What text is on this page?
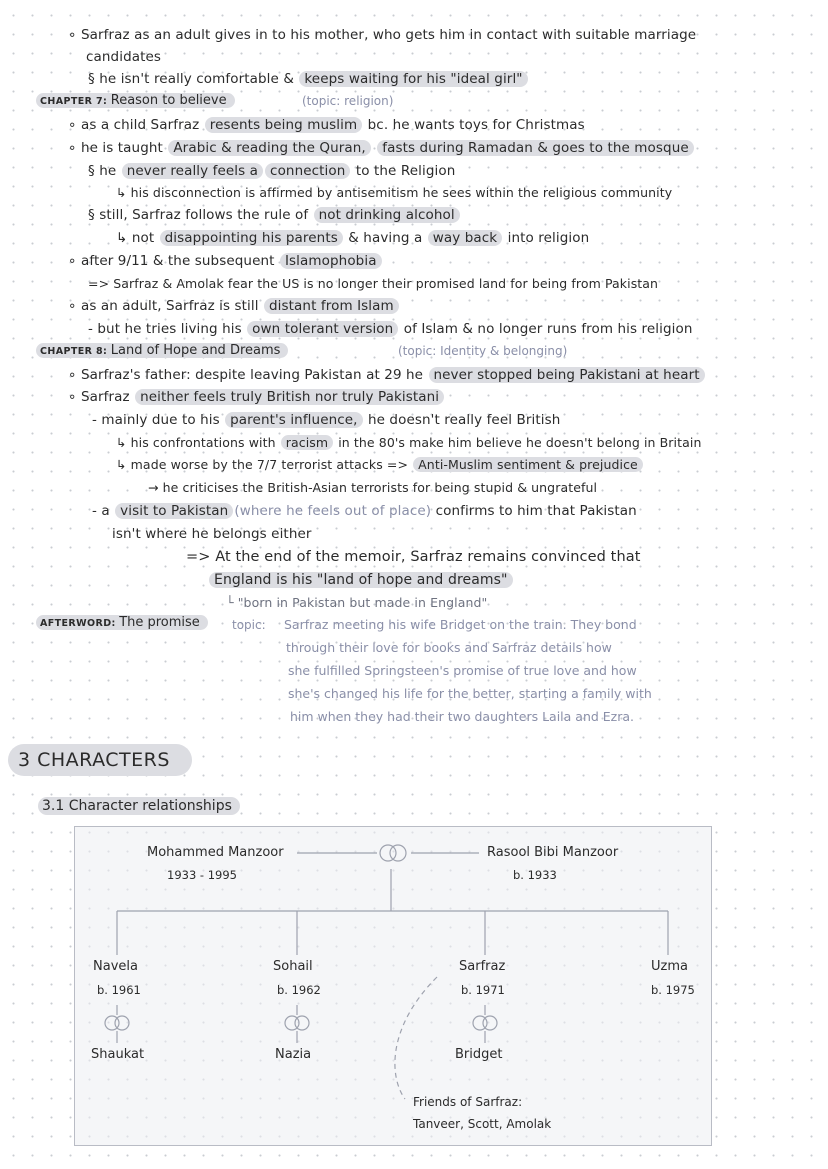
∘ Sarfraz as an adult gives in to his mother, who gets him in contact with suitable marriage
candidates
§ he isn't really comfortable & keeps waiting for his "ideal girl"
CHAPTER 7: Reason to believe	(topic: religion)
∘ as a child Sarfraz resents being muslim bc. he wants toys for Christmas
∘ he is taught Arabic & reading the Quran, fasts during Ramadan & goes to the mosque
§ he never really feels a connection to the Religion
↳ his disconnection is affirmed by antisemitism he sees within the religious community
§ still, Sarfraz follows the rule of not drinking alcohol
↳ not disappointing his parents & having a way back into religion
∘ after 9/11 & the subsequent Islamophobia
=> Sarfraz & Amolak fear the US is no longer their promised land for being from Pakistan
∘ as an adult, Sarfraz is still distant from Islam
- but he tries living his own tolerant version of Islam & no longer runs from his religion
CHAPTER 8: Land of Hope and Dreams	(topic: Identity & belonging)
∘ Sarfraz's father: despite leaving Pakistan at 29 he never stopped being Pakistani at heart
∘ Sarfraz neither feels truly British nor truly Pakistani
- mainly due to his parent's influence, he doesn't really feel British
↳ his confrontations with racism in the 80's make him believe he doesn't belong in Britain
↳ made worse by the 7/7 terrorist attacks => Anti-Muslim sentiment & prejudice
→ he criticises the British-Asian terrorists for being stupid & ungrateful
- a visit to Pakistan (where he feels out of place) confirms to him that Pakistan
isn't where he belongs either
=> At the end of the memoir, Sarfraz remains convinced that
England is his "land of hope and dreams"
└ "born in Pakistan but made in England"
AFTERWORD: The promise	topic: Sarfraz meeting his wife Bridget on the train. They bond
through their love for books and Sarfraz details how
she fulfilled Springsteen's promise of true love and how
she's changed his life for the better, starting a family with
him when they had their two daughters Laila and Ezra.
3 CHARACTERS
3.1 Character relationships
Mohammed Manzoor
1933 - 1995
Rasool Bibi Manzoor
b. 1933
Navela
b. 1961
Shaukat
Sohail
b. 1962
Nazia
Sarfraz
b. 1971
Bridget
Uzma
b. 1975
Friends of Sarfraz:
Tanveer, Scott, Amolak
